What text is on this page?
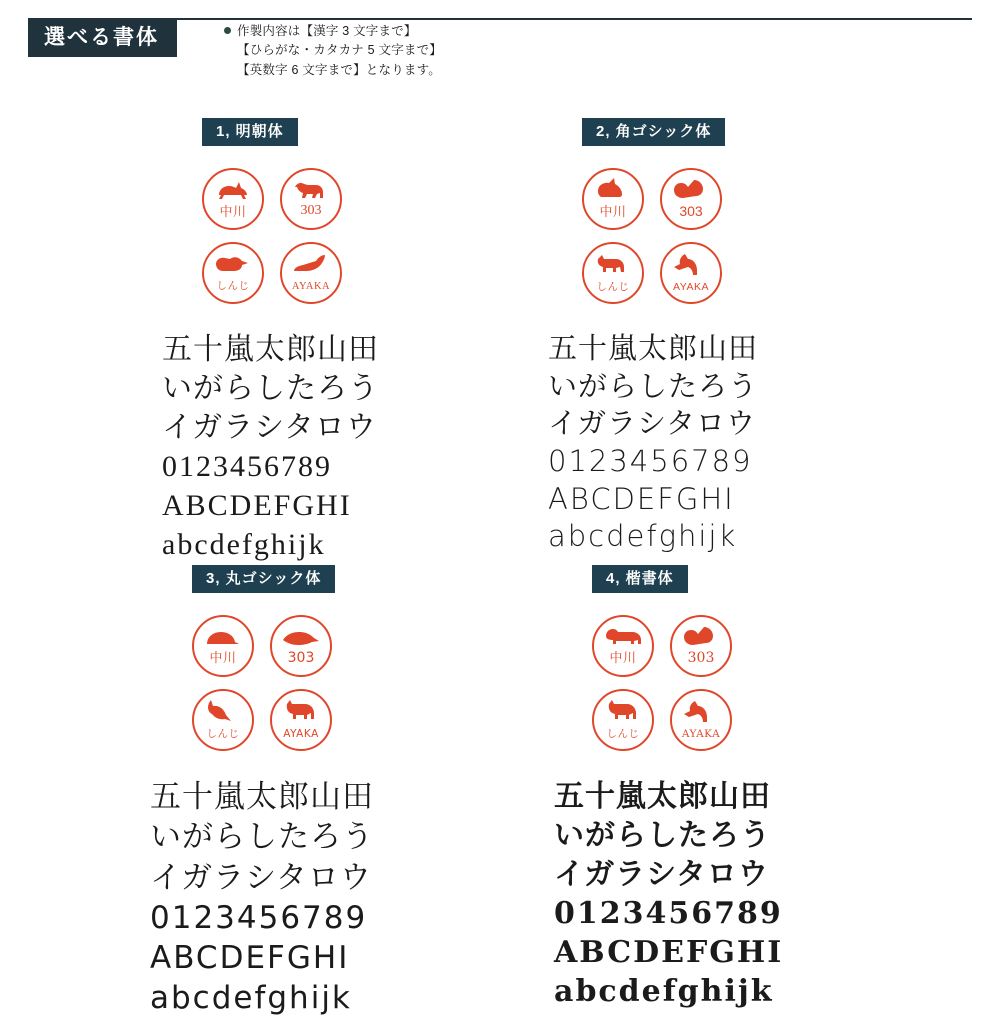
選べる書体	作製内容は【漢字 3 文字まで】
【ひらがな・カタカナ 5 文字まで】
【英数字 6 文字まで】となります。
1, 明朝体
中川	303
しんじ	AYAKA
五十嵐太郎山田
いがらしたろう
イガラシタロウ
0123456789
ABCDEFGHI
abcdefghijk
2, 角ゴシック体
中川	303
しんじ	AYAKA
五十嵐太郎山田
いがらしたろう
イガラシタロウ
0123456789
ABCDEFGHI
abcdefghijk
3, 丸ゴシック体
中川	303
しんじ	AYAKA
五十嵐太郎山田
いがらしたろう
イガラシタロウ
0123456789
ABCDEFGHI
abcdefghijk
4, 楷書体
中川	303
しんじ	AYAKA
五十嵐太郎山田
いがらしたろう
イガラシタロウ
0123456789
ABCDEFGHI
abcdefghijk
